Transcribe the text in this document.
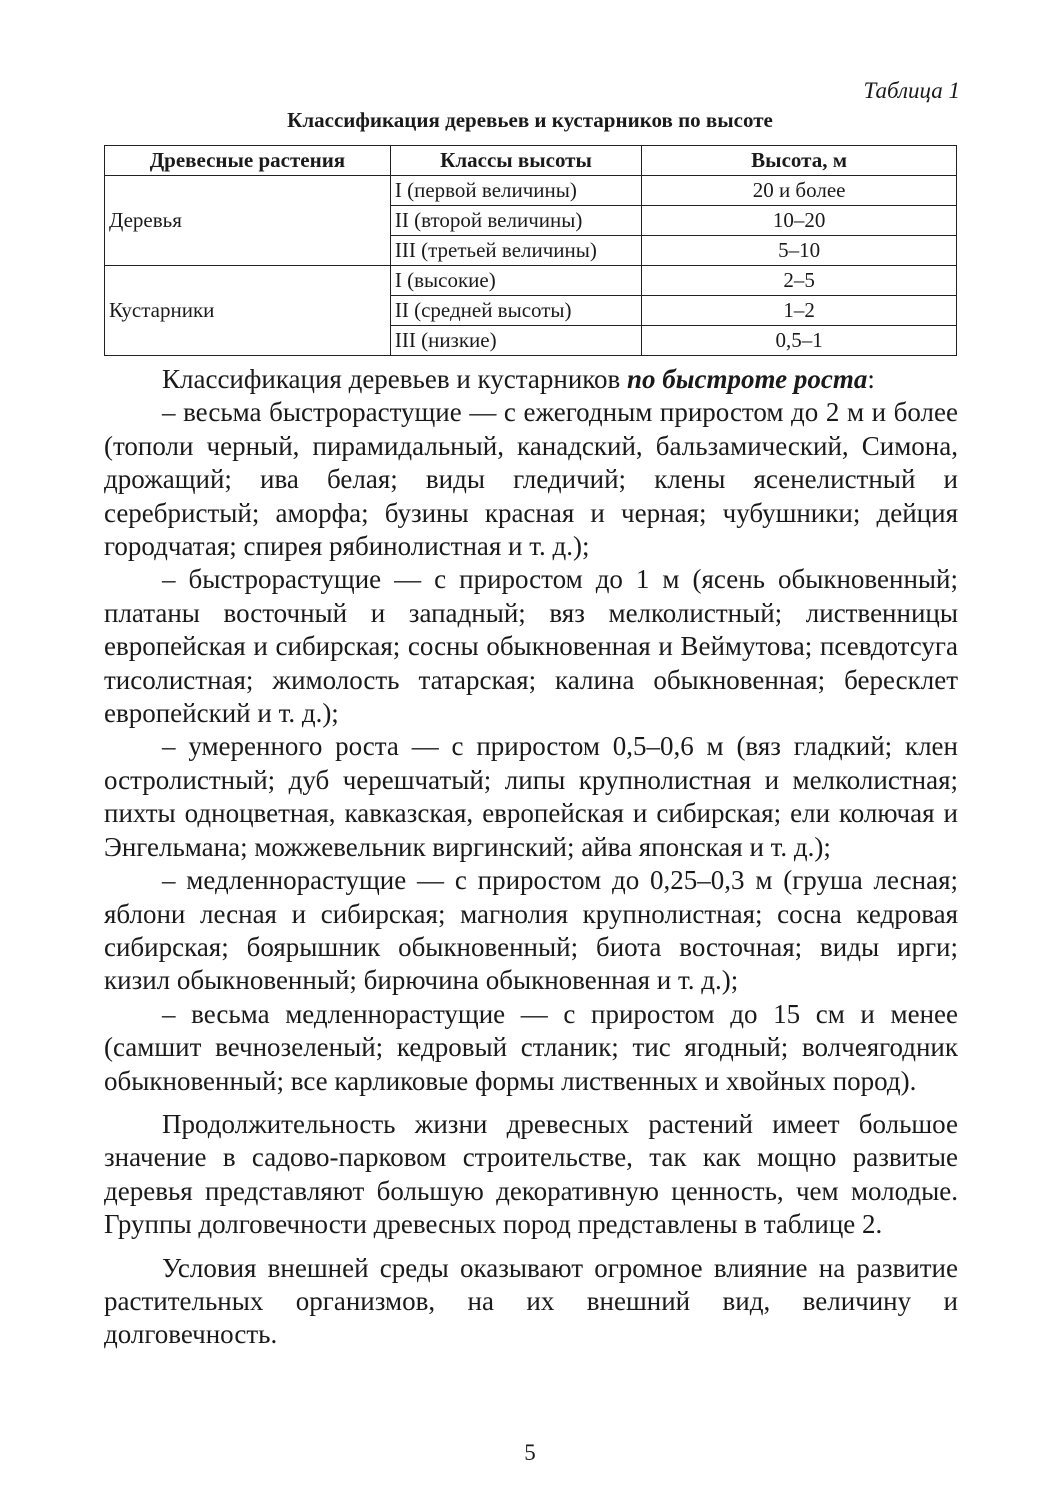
Таблица 1
Классификация деревьев и кустарников по высоте
Древесные растения	Классы высоты	Высота, м
Деревья	I (первой величины)	20 и более
	II (второй величины)	10–20
	III (третьей величины)	5–10
Кустарники	I (высокие)	2–5
	II (средней высоты)	1–2
	III (низкие)	0,5–1

Классификация деревьев и кустарников по быстроте роста:

– весьма быстрорастущие — с ежегодным приростом до 2 м и более (тополи черный, пирамидальный, канадский, бальзамический, Симона, дрожащий; ива белая; виды гледичий; клены ясенелистный и серебристый; аморфа; бузины красная и черная; чубушники; дейция городчатая; спирея рябинолистная и т. д.);

– быстрорастущие — с приростом до 1 м (ясень обыкновенный; платаны восточный и западный; вяз мелколистный; лиственницы европейская и сибирская; сосны обыкновенная и Веймутова; псевдотсуга тисолистная; жимолость татарская; калина обыкновенная; бересклет европейский и т. д.);

– умеренного роста — с приростом 0,5–0,6 м (вяз гладкий; клен остролистный; дуб черешчатый; липы крупнолистная и мелколистная; пихты одноцветная, кавказская, европейская и сибирская; ели колючая и Энгельмана; можжевельник виргинский; айва японская и т. д.);

– медленнорастущие — с приростом до 0,25–0,3 м (груша лесная; яблони лесная и сибирская; магнолия крупнолистная; сосна кедровая сибирская; боярышник обыкновенный; биота восточная; виды ирги; кизил обыкновенный; бирючина обыкновенная и т. д.);

– весьма медленнорастущие — с приростом до 15 см и менее (самшит вечнозеленый; кедровый стланик; тис ягодный; волчеягодник обыкновенный; все карликовые формы лиственных и хвойных пород).

Продолжительность жизни древесных растений имеет большое значение в садово-парковом строительстве, так как мощно развитые деревья представляют большую декоративную ценность, чем молодые. Группы долговечности древесных пород представлены в таблице 2.

Условия внешней среды оказывают огромное влияние на развитие растительных организмов, на их внешний вид, величину и долговечность.

5
